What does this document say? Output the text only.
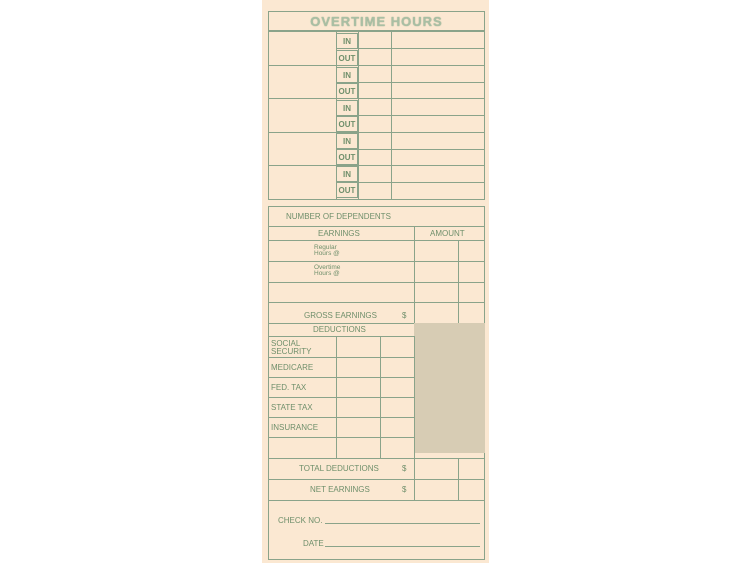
OVERTIME HOURS
IN
OUT
IN
OUT
IN
OUT
IN
OUT
IN
OUT
NUMBER OF DEPENDENTS
EARNINGS	AMOUNT
Regular Hours @
Overtime Hours @
GROSS EARNINGS	$
DEDUCTIONS
SOCIAL SECURITY
MEDICARE
FED. TAX
STATE TAX
INSURANCE
TOTAL DEDUCTIONS	$
NET EARNINGS	$
CHECK NO.
DATE
